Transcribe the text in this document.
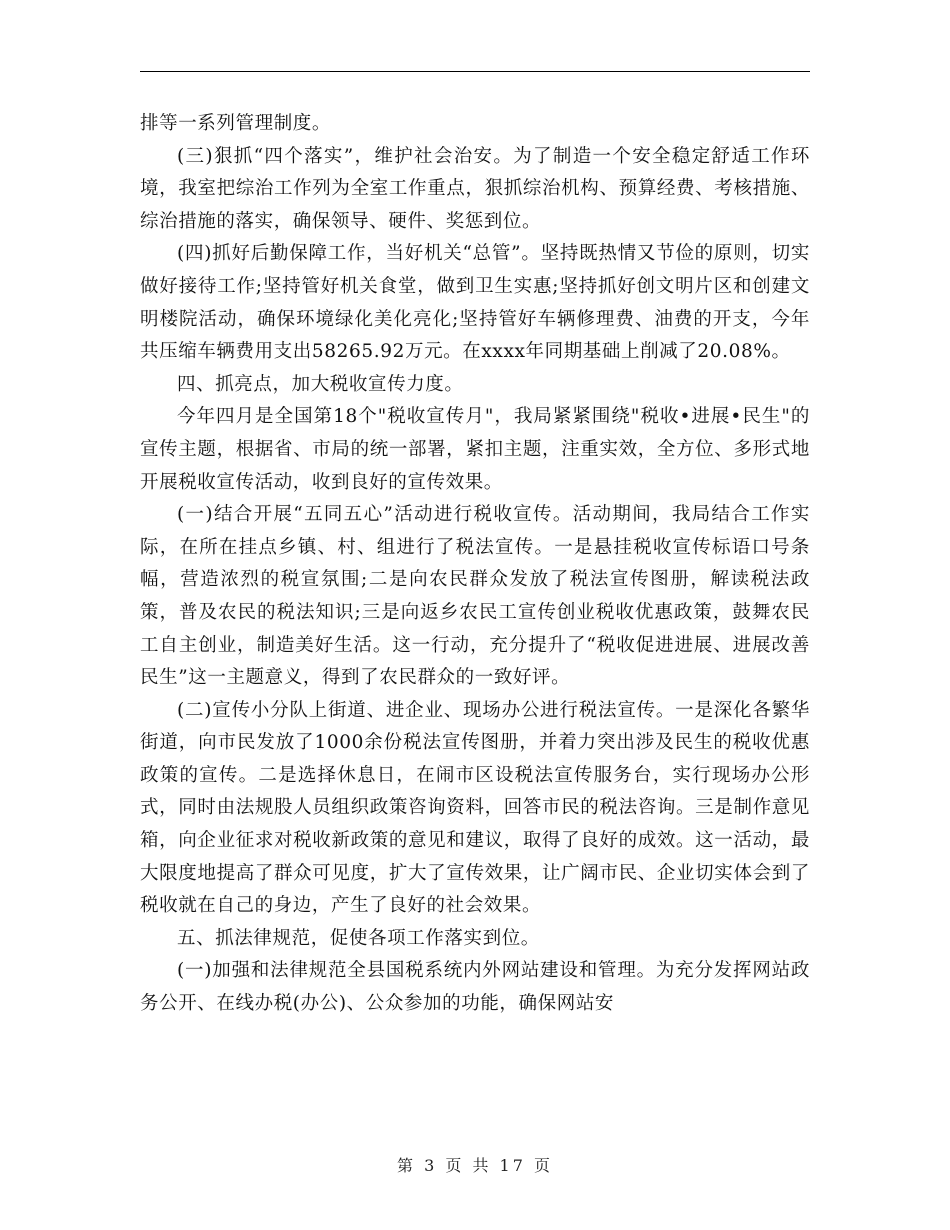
排等一系列管理制度。

(三)狠抓“四个落实”，维护社会治安。为了制造一个安全稳定舒适工作环境，我室把综治工作列为全室工作重点，狠抓综治机构、预算经费、考核措施、综治措施的落实，确保领导、硬件、奖惩到位。

(四)抓好后勤保障工作，当好机关“总管”。坚持既热情又节俭的原则，切实做好接待工作;坚持管好机关食堂，做到卫生实惠;坚持抓好创文明片区和创建文明楼院活动，确保环境绿化美化亮化;坚持管好车辆修理费、油费的开支，今年共压缩车辆费用支出58265.92万元。在xxxx年同期基础上削减了20.08%。

四、抓亮点，加大税收宣传力度。

今年四月是全国第18个"税收宣传月"，我局紧紧围绕"税收•进展•民生"的宣传主题，根据省、市局的统一部署，紧扣主题，注重实效，全方位、多形式地开展税收宣传活动，收到良好的宣传效果。

(一)结合开展“五同五心”活动进行税收宣传。活动期间，我局结合工作实际，在所在挂点乡镇、村、组进行了税法宣传。一是悬挂税收宣传标语口号条幅，营造浓烈的税宣氛围;二是向农民群众发放了税法宣传图册，解读税法政策，普及农民的税法知识;三是向返乡农民工宣传创业税收优惠政策，鼓舞农民工自主创业，制造美好生活。这一行动，充分提升了“税收促进进展、进展改善民生”这一主题意义，得到了农民群众的一致好评。

(二)宣传小分队上街道、进企业、现场办公进行税法宣传。一是深化各繁华街道，向市民发放了1000余份税法宣传图册，并着力突出涉及民生的税收优惠政策的宣传。二是选择休息日，在闹市区设税法宣传服务台，实行现场办公形式，同时由法规股人员组织政策咨询资料，回答市民的税法咨询。三是制作意见箱，向企业征求对税收新政策的意见和建议，取得了良好的成效。这一活动，最大限度地提高了群众可见度，扩大了宣传效果，让广阔市民、企业切实体会到了税收就在自己的身边，产生了良好的社会效果。

五、抓法律规范，促使各项工作落实到位。

(一)加强和法律规范全县国税系统内外网站建设和管理。为充分发挥网站政务公开、在线办税(办公)、公众参加的功能，确保网站安

第 3 页 共 17 页
